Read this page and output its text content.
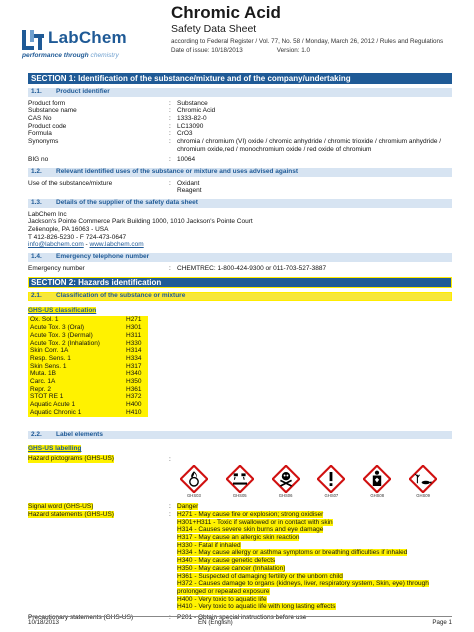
LabChem
performance through chemistry
Chromic Acid
Safety Data Sheet
according to Federal Register / Vol. 77, No. 58 / Monday, March 26, 2012 / Rules and Regulations
Date of issue: 10/18/2013	Version: 1.0
SECTION 1: Identification of the substance/mixture and of the company/undertaking
1.1.	Product identifier
Product form	: Substance
Substance name	: Chromic Acid
CAS No	: 1333-82-0
Product code	: LC13090
Formula	: CrO3
Synonyms	: chromia / chromium (VI) oxide / chromic anhydride / chromic trioxide / chromium anhydride / chromium oxide,red / monochromium oxide / red oxide of chromium
BIG no	: 10064
1.2.	Relevant identified uses of the substance or mixture and uses advised against
Use of the substance/mixture	: Oxidant
Reagent
1.3.	Details of the supplier of the safety data sheet
LabChem Inc
Jackson's Pointe Commerce Park Building 1000, 1010 Jackson's Pointe Court
Zelienople, PA 16063 - USA
T 412-826-5230 - F 724-473-0647
info@labchem.com - www.labchem.com
1.4.	Emergency telephone number
Emergency number	: CHEMTREC: 1-800-424-9300 or 011-703-527-3887
SECTION 2: Hazards identification
2.1.	Classification of the substance or mixture
GHS-US classification
Ox. Sol. 1	H271
Acute Tox. 3 (Oral)	H301
Acute Tox. 3 (Dermal)	H311
Acute Tox. 2 (Inhalation)	H330
Skin Corr. 1A	H314
Resp. Sens. 1	H334
Skin Sens. 1	H317
Muta. 1B	H340
Carc. 1A	H350
Repr. 2	H361
STOT RE 1	H372
Aquatic Acute 1	H400
Aquatic Chronic 1	H410
2.2.	Label elements
GHS-US labelling
Hazard pictograms (GHS-US)	:
GHS03	GHS05	GHS06	GHS07	GHS08	GHS09
Signal word (GHS-US)	: Danger
Hazard statements (GHS-US)	: H271 - May cause fire or explosion; strong oxidiser
H301+H311 - Toxic if swallowed or in contact with skin
H314 - Causes severe skin burns and eye damage
H317 - May cause an allergic skin reaction
H330 - Fatal if inhaled
H334 - May cause allergy or asthma symptoms or breathing difficulties if inhaled
H340 - May cause genetic defects
H350 - May cause cancer (Inhalation)
H361 - Suspected of damaging fertility or the unborn child
H372 - Causes damage to organs (kidneys, liver, respiratory system, Skin, eye) through
prolonged or repeated exposure
H400 - Very toxic to aquatic life
H410 - Very toxic to aquatic life with long lasting effects
Precautionary statements (GHS-US)	: P201 - Obtain special instructions before use
10/18/2013	EN (English)	Page 1
